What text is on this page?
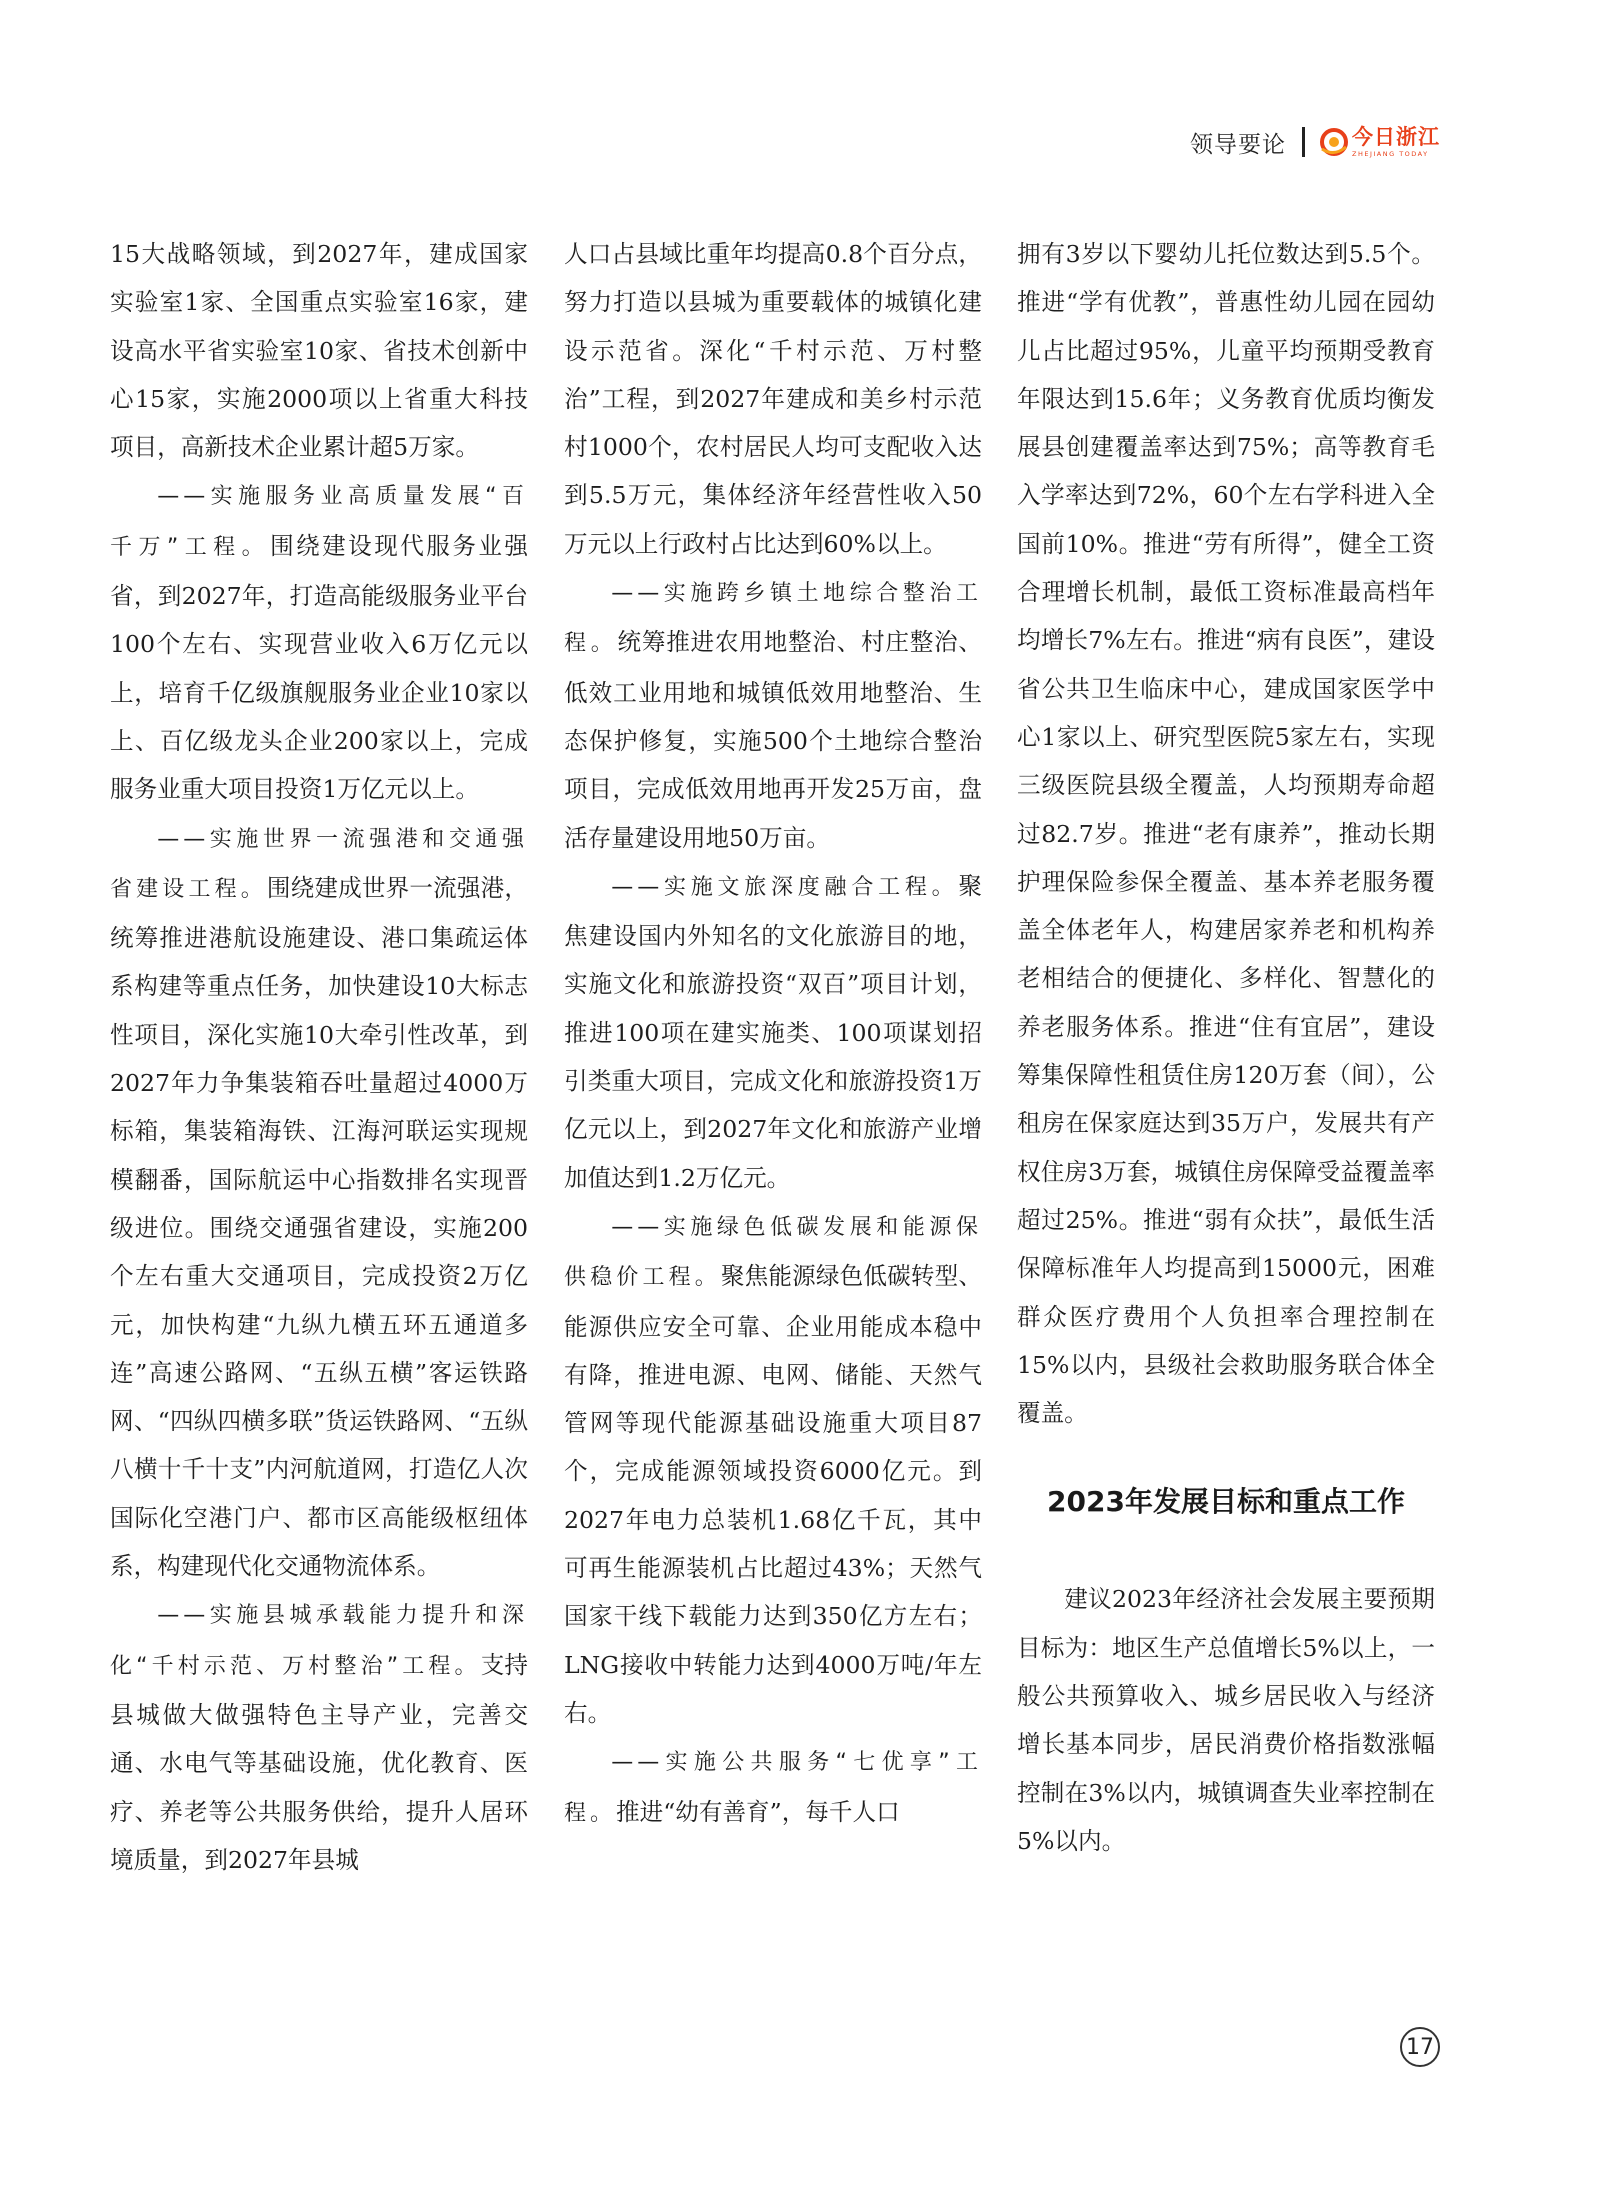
领导要论	今日浙江
ZHEJIANG TODAY

15大战略领域，到2027年，建成国家实验室1家、全国重点实验室16家，建设高水平省实验室10家、省技术创新中心15家，实施2000项以上省重大科技项目，高新技术企业累计超5万家。

——实施服务业高质量发展“百千万”工程。围绕建设现代服务业强省，到2027年，打造高能级服务业平台100个左右、实现营业收入6万亿元以上，培育千亿级旗舰服务业企业10家以上、百亿级龙头企业200家以上，完成服务业重大项目投资1万亿元以上。

——实施世界一流强港和交通强省建设工程。围绕建成世界一流强港，统筹推进港航设施建设、港口集疏运体系构建等重点任务，加快建设10大标志性项目，深化实施10大牵引性改革，到2027年力争集装箱吞吐量超过4000万标箱，集装箱海铁、江海河联运实现规模翻番，国际航运中心指数排名实现晋级进位。围绕交通强省建设，实施200个左右重大交通项目，完成投资2万亿元，加快构建“九纵九横五环五通道多连”高速公路网、“五纵五横”客运铁路网、“四纵四横多联”货运铁路网、“五纵八横十千十支”内河航道网，打造亿人次国际化空港门户、都市区高能级枢纽体系，构建现代化交通物流体系。

——实施县城承载能力提升和深化“千村示范、万村整治”工程。支持县城做大做强特色主导产业，完善交通、水电气等基础设施，优化教育、医疗、养老等公共服务供给，提升人居环境质量，到2027年县城

人口占县域比重年均提高0.8个百分点，努力打造以县城为重要载体的城镇化建设示范省。深化“千村示范、万村整治”工程，到2027年建成和美乡村示范村1000个，农村居民人均可支配收入达到5.5万元，集体经济年经营性收入50万元以上行政村占比达到60%以上。

——实施跨乡镇土地综合整治工程。统筹推进农用地整治、村庄整治、低效工业用地和城镇低效用地整治、生态保护修复，实施500个土地综合整治项目，完成低效用地再开发25万亩，盘活存量建设用地50万亩。

——实施文旅深度融合工程。聚焦建设国内外知名的文化旅游目的地，实施文化和旅游投资“双百”项目计划，推进100项在建实施类、100项谋划招引类重大项目，完成文化和旅游投资1万亿元以上，到2027年文化和旅游产业增加值达到1.2万亿元。

——实施绿色低碳发展和能源保供稳价工程。聚焦能源绿色低碳转型、能源供应安全可靠、企业用能成本稳中有降，推进电源、电网、储能、天然气管网等现代能源基础设施重大项目87个，完成能源领域投资6000亿元。到2027年电力总装机1.68亿千瓦，其中可再生能源装机占比超过43%；天然气国家干线下载能力达到350亿方左右；LNG接收中转能力达到4000万吨/年左右。

——实施公共服务“七优享”工程。推进“幼有善育”，每千人口

拥有3岁以下婴幼儿托位数达到5.5个。推进“学有优教”，普惠性幼儿园在园幼儿占比超过95%，儿童平均预期受教育年限达到15.6年；义务教育优质均衡发展县创建覆盖率达到75%；高等教育毛入学率达到72%，60个左右学科进入全国前10%。推进“劳有所得”，健全工资合理增长机制，最低工资标准最高档年均增长7%左右。推进“病有良医”，建设省公共卫生临床中心，建成国家医学中心1家以上、研究型医院5家左右，实现三级医院县级全覆盖，人均预期寿命超过82.7岁。推进“老有康养”，推动长期护理保险参保全覆盖、基本养老服务覆盖全体老年人，构建居家养老和机构养老相结合的便捷化、多样化、智慧化的养老服务体系。推进“住有宜居”，建设筹集保障性租赁住房120万套（间），公租房在保家庭达到35万户，发展共有产权住房3万套，城镇住房保障受益覆盖率超过25%。推进“弱有众扶”，最低生活保障标准年人均提高到15000元，困难群众医疗费用个人负担率合理控制在15%以内，县级社会救助服务联合体全覆盖。

2023年发展目标和重点工作

建议2023年经济社会发展主要预期目标为：地区生产总值增长5%以上，一般公共预算收入、城乡居民收入与经济增长基本同步，居民消费价格指数涨幅控制在3%以内，城镇调查失业率控制在5%以内。

17
